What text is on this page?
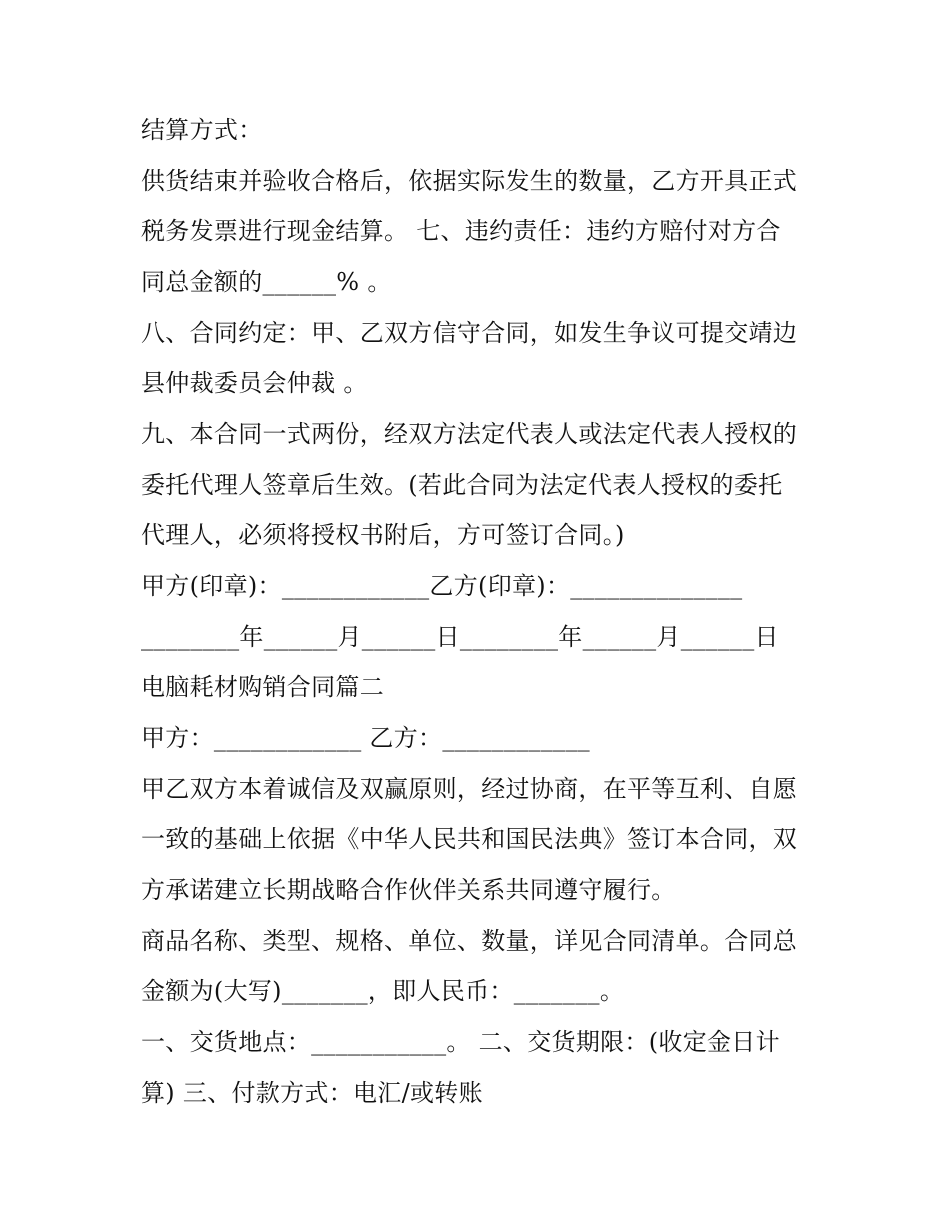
结算方式：
供货结束并验收合格后，依据实际发生的数量，乙方开具正式
税务发票进行现金结算。 七、违约责任：违约方赔付对方合
同总金额的______% 。
八、合同约定：甲、乙双方信守合同，如发生争议可提交靖边
县仲裁委员会仲裁 。
九、本合同一式两份，经双方法定代表人或法定代表人授权的
委托代理人签章后生效。(若此合同为法定代表人授权的委托
代理人，必须将授权书附后，方可签订合同。)
甲方(印章)：____________乙方(印章)：______________
________年______月______日________年______月______日
电脑耗材购销合同篇二
甲方：____________ 乙方：____________
甲乙双方本着诚信及双赢原则，经过协商，在平等互利、自愿
一致的基础上依据《中华人民共和国民法典》签订本合同，双
方承诺建立长期战略合作伙伴关系共同遵守履行。
商品名称、类型、规格、单位、数量，详见合同清单。合同总
金额为(大写)_______，即人民币：_______。
一、交货地点：___________。 二、交货期限：(收定金日计
算) 三、付款方式：电汇/或转账
